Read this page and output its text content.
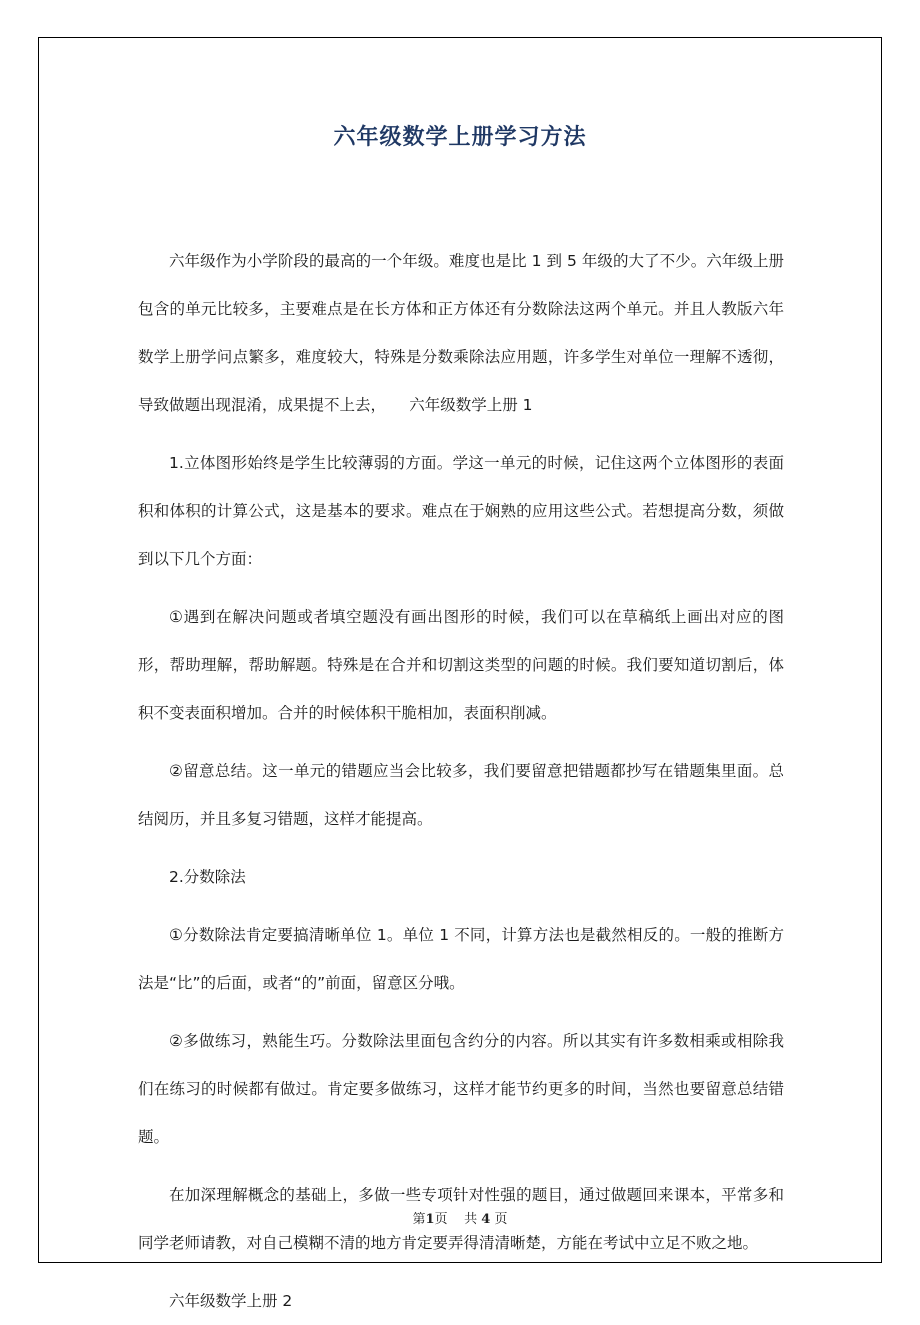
六年级数学上册学习方法

六年级作为小学阶段的最高的一个年级。难度也是比 1 到 5 年级的大了不少。六年级上册包含的单元比较多，主要难点是在长方体和正方体还有分数除法这两个单元。并且人教版六年数学上册学问点繁多，难度较大，特殊是分数乘除法应用题，许多学生对单位一理解不透彻，导致做题出现混淆，成果提不上去，　　六年级数学上册 1

1.立体图形始终是学生比较薄弱的方面。学这一单元的时候，记住这两个立体图形的表面积和体积的计算公式，这是基本的要求。难点在于娴熟的应用这些公式。若想提高分数，须做到以下几个方面：

①遇到在解决问题或者填空题没有画出图形的时候，我们可以在草稿纸上画出对应的图形，帮助理解，帮助解题。特殊是在合并和切割这类型的问题的时候。我们要知道切割后，体积不变表面积增加。合并的时候体积干脆相加，表面积削减。

②留意总结。这一单元的错题应当会比较多，我们要留意把错题都抄写在错题集里面。总结阅历，并且多复习错题，这样才能提高。

2.分数除法

①分数除法肯定要搞清晰单位 1。单位 1 不同，计算方法也是截然相反的。一般的推断方法是“比”的后面，或者“的”前面，留意区分哦。

②多做练习，熟能生巧。分数除法里面包含约分的内容。所以其实有许多数相乘或相除我们在练习的时候都有做过。肯定要多做练习，这样才能节约更多的时间，当然也要留意总结错题。

在加深理解概念的基础上，多做一些专项针对性强的题目，通过做题回来课本，平常多和同学老师请教，对自己模糊不清的地方肯定要弄得清清晰楚，方能在考试中立足不败之地。

六年级数学上册 2

第1页 共 4 页
